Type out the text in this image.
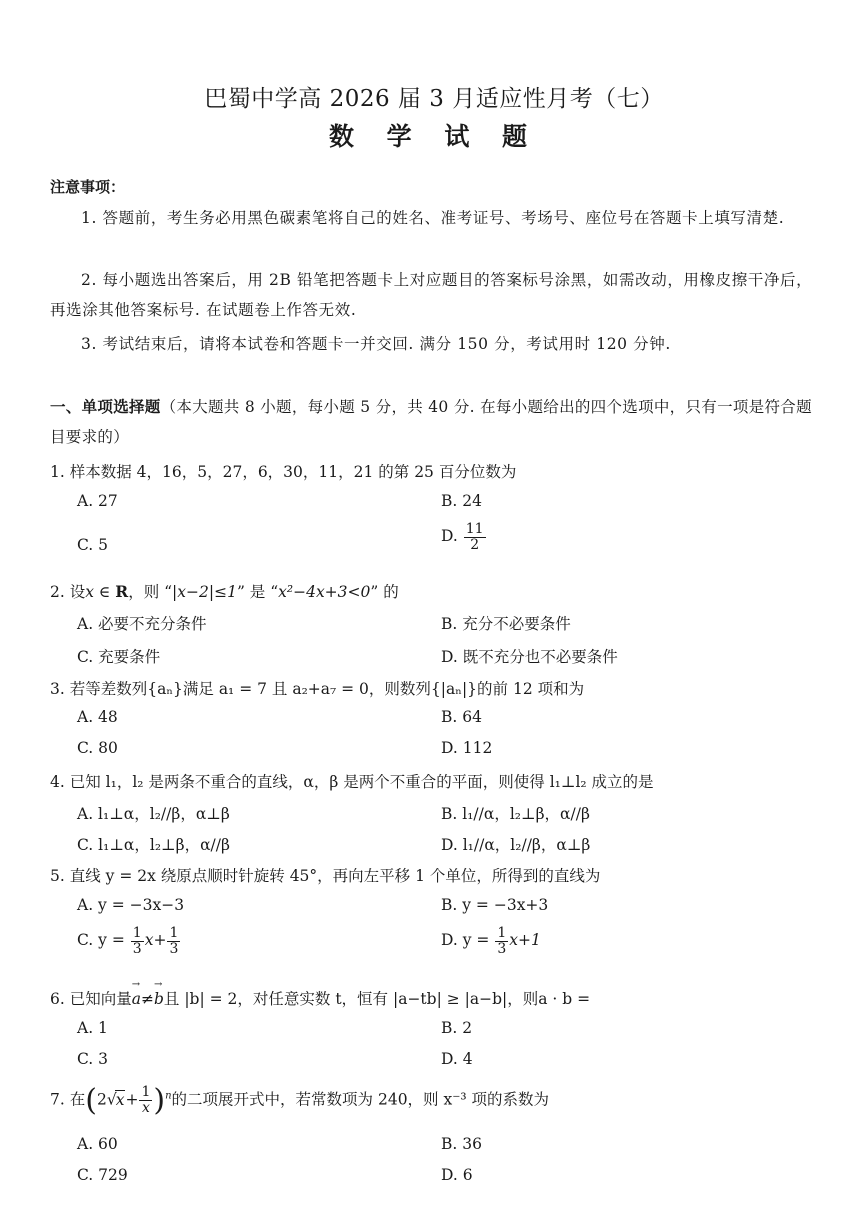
巴蜀中学高 2026 届 3 月适应性月考（七）
数 学 试 题
注意事项：
1. 答题前，考生务必用黑色碳素笔将自己的姓名、准考证号、考场号、座位号在答题卡上填写清楚.
2. 每小题选出答案后，用 2B 铅笔把答题卡上对应题目的答案标号涂黑，如需改动，用橡皮擦干净后，再选涂其他答案标号. 在试题卷上作答无效.
3. 考试结束后，请将本试卷和答题卡一并交回. 满分 150 分，考试用时 120 分钟.
一、单项选择题（本大题共 8 小题，每小题 5 分，共 40 分. 在每小题给出的四个选项中，只有一项是符合题目要求的）
1. 样本数据 4，16，5，27，6，30，11，21 的第 25 百分位数为
A. 27	B. 24
C. 5	D. $\frac{11}{2}$
2. 设x ∈ R，则 “|x−2|≤1” 是 “x²−4x+3<0” 的
A. 必要不充分条件	B. 充分不必要条件
C. 充要条件	D. 既不充分也不必要条件
3. 若等差数列{aₙ}满足 a₁ = 7 且 a₂+a₇ = 0，则数列{|aₙ|}的前 12 项和为
A. 48	B. 64
C. 80	D. 112
4. 已知 l₁，l₂ 是两条不重合的直线，α，β 是两个不重合的平面，则使得 l₁⊥l₂ 成立的是
A. l₁⊥α，l₂//β，α⊥β	B. l₁//α，l₂⊥β，α//β
C. l₁⊥α，l₂⊥β，α//β	D. l₁//α，l₂//β，α⊥β
5. 直线 y = 2x 绕原点顺时针旋转 45°，再向左平移 1 个单位，所得到的直线为
A. y = −3x−3	B. y = −3x+3
C. $y = \frac{1}{3} x+ \frac{1}{3}$	D. $y = \frac{1}{3} x+1$
6. 已知向量→ a≠→ b且 |b| = 2，对任意实数 t，恒有 |a−tb| ≥ |a−b|，则a · b =
A. 1	B. 2
C. 3	D. 4
7. 在$(2√x+ \frac{1}{x} )^n$的二项展开式中，若常数项为 240，则 x⁻³ 项的系数为
A. 60	B. 36
C. 729	D. 6
